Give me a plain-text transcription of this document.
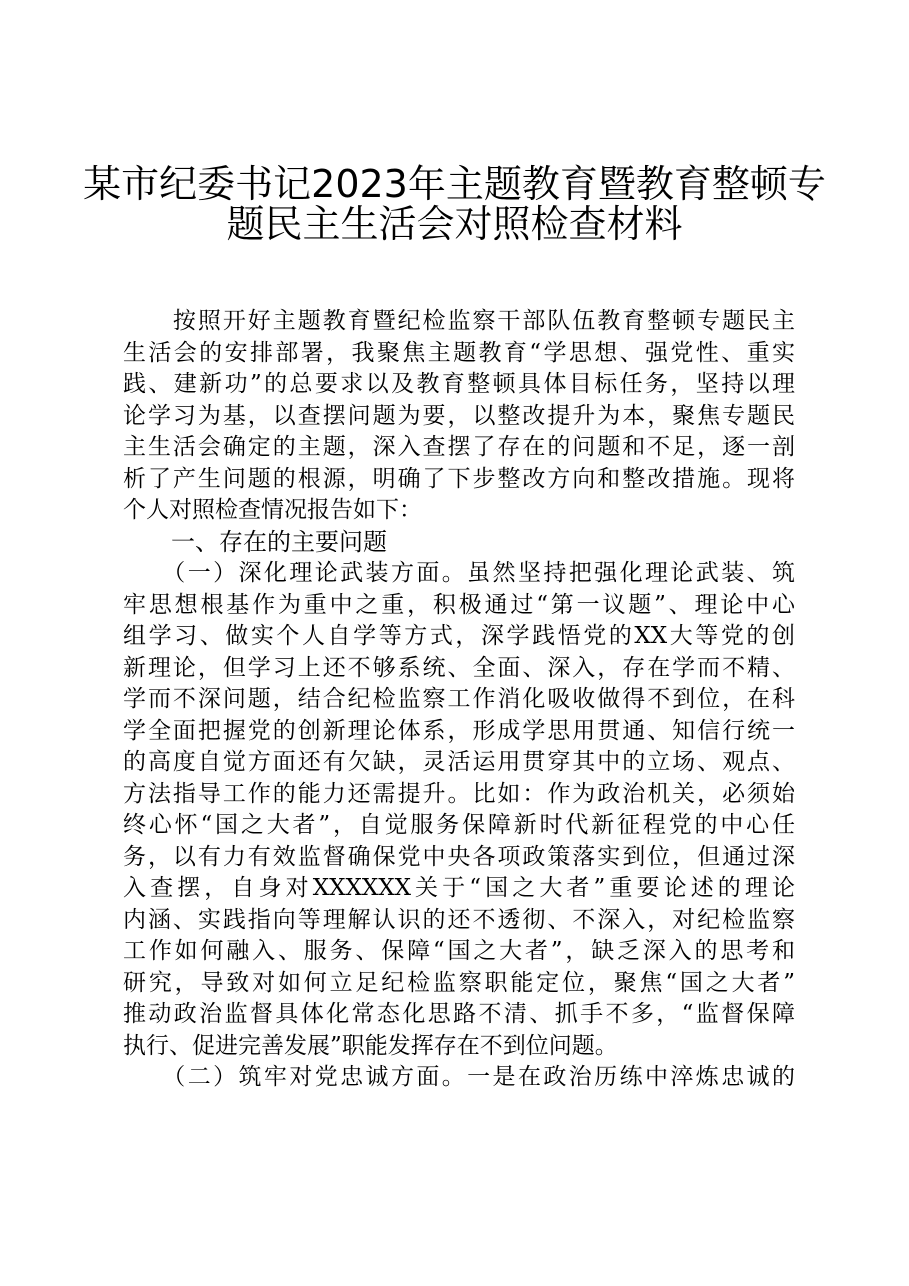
某市纪委书记2023年主题教育暨教育整顿专
题民主生活会对照检查材料
　　按照开好主题教育暨纪检监察干部队伍教育整顿专题民主
生活会的安排部署，我聚焦主题教育“学思想、强党性、重实
践、建新功”的总要求以及教育整顿具体目标任务，坚持以理
论学习为基，以查摆问题为要，以整改提升为本，聚焦专题民
主生活会确定的主题，深入查摆了存在的问题和不足，逐一剖
析了产生问题的根源，明确了下步整改方向和整改措施。现将
个人对照检查情况报告如下：
　　一、存在的主要问题
　　（一）深化理论武装方面。虽然坚持把强化理论武装、筑
牢思想根基作为重中之重，积极通过“第一议题”、理论中心
组学习、做实个人自学等方式，深学践悟党的XX大等党的创
新理论，但学习上还不够系统、全面、深入，存在学而不精、
学而不深问题，结合纪检监察工作消化吸收做得不到位，在科
学全面把握党的创新理论体系，形成学思用贯通、知信行统一
的高度自觉方面还有欠缺，灵活运用贯穿其中的立场、观点、
方法指导工作的能力还需提升。比如：作为政治机关，必须始
终心怀“国之大者”，自觉服务保障新时代新征程党的中心任
务，以有力有效监督确保党中央各项政策落实到位，但通过深
入查摆，自身对XXXXXX关于“国之大者”重要论述的理论
内涵、实践指向等理解认识的还不透彻、不深入，对纪检监察
工作如何融入、服务、保障“国之大者”，缺乏深入的思考和
研究，导致对如何立足纪检监察职能定位，聚焦“国之大者”
推动政治监督具体化常态化思路不清、抓手不多，“监督保障
执行、促进完善发展”职能发挥存在不到位问题。
　　（二）筑牢对党忠诚方面。一是在政治历练中淬炼忠诚的
